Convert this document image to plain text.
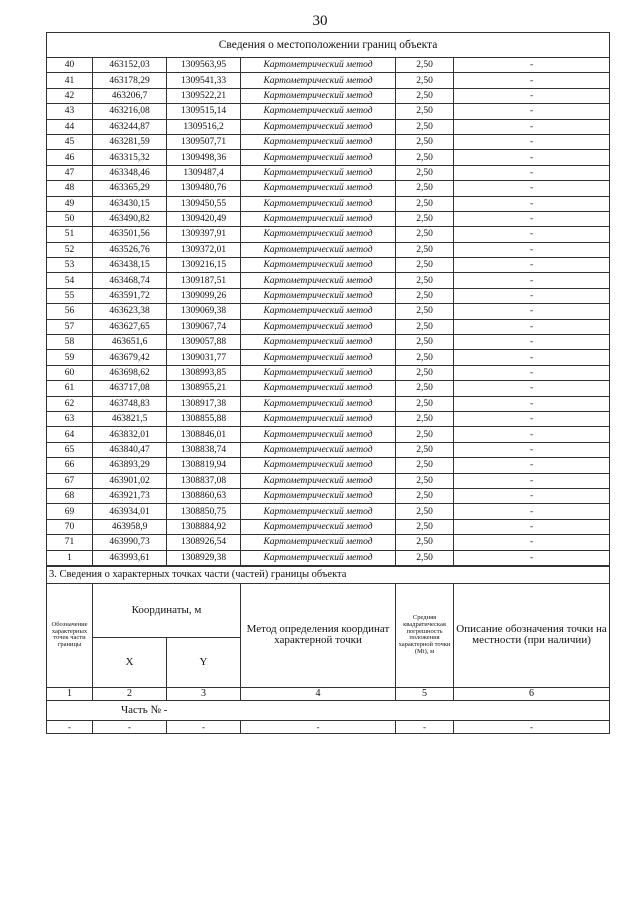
30
Сведения о местоположении границ объекта					
40	463152,03	1309563,95	Картометрический метод	2,50	-
41	463178,29	1309541,33	Картометрический метод	2,50	-
42	463206,7	1309522,21	Картометрический метод	2,50	-
43	463216,08	1309515,14	Картометрический метод	2,50	-
44	463244,87	1309516,2	Картометрический метод	2,50	-
45	463281,59	1309507,71	Картометрический метод	2,50	-
46	463315,32	1309498,36	Картометрический метод	2,50	-
47	463348,46	1309487,4	Картометрический метод	2,50	-
48	463365,29	1309480,76	Картометрический метод	2,50	-
49	463430,15	1309450,55	Картометрический метод	2,50	-
50	463490,82	1309420,49	Картометрический метод	2,50	-
51	463501,56	1309397,91	Картометрический метод	2,50	-
52	463526,76	1309372,01	Картометрический метод	2,50	-
53	463438,15	1309216,15	Картометрический метод	2,50	-
54	463468,74	1309187,51	Картометрический метод	2,50	-
55	463591,72	1309099,26	Картометрический метод	2,50	-
56	463623,38	1309069,38	Картометрический метод	2,50	-
57	463627,65	1309067,74	Картометрический метод	2,50	-
58	463651,6	1309057,88	Картометрический метод	2,50	-
59	463679,42	1309031,77	Картометрический метод	2,50	-
60	463698,62	1308993,85	Картометрический метод	2,50	-
61	463717,08	1308955,21	Картометрический метод	2,50	-
62	463748,83	1308917,38	Картометрический метод	2,50	-
63	463821,5	1308855,88	Картометрический метод	2,50	-
64	463832,01	1308846,01	Картометрический метод	2,50	-
65	463840,47	1308838,74	Картометрический метод	2,50	-
66	463893,29	1308819,94	Картометрический метод	2,50	-
67	463901,02	1308837,08	Картометрический метод	2,50	-
68	463921,73	1308860,63	Картометрический метод	2,50	-
69	463934,01	1308850,75	Картометрический метод	2,50	-
70	463958,9	1308884,92	Картометрический метод	2,50	-
71	463990,73	1308926,54	Картометрический метод	2,50	-
1	463993,61	1308929,38	Картометрический метод	2,50	-
3. Сведения о характерных точках части (частей) границы объекта					
Обозначение характерных точек части границы	Координаты, м		Метод определения координат характерной точки	Средняя квадратическая погрешность положения характерной точки (Мt), м	Описание обозначения точки на местности (при наличии)
	X	Y			
1	2	3	4	5	6
Часть № -					
-	-	-	-	-	-
